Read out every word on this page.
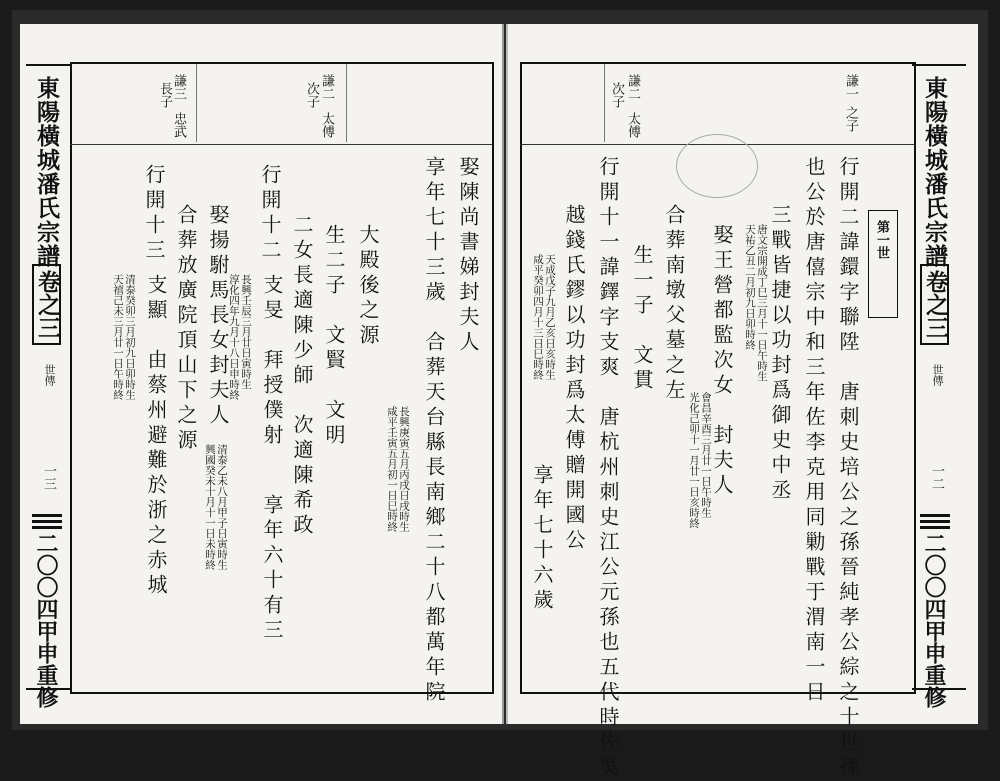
東陽橫城潘氏宗譜
卷之三
世傳
一三
二〇〇四甲申重修
謙三
長子
忠武
謙二
次子
太傅
娶陳尚書娣封夫人
享年七十三歲　合葬天台縣長南鄉二十八都萬年院
長興庚寅五月丙戌日戌時生
咸平壬寅五月初一日巳時終
大殿後之源
生二子　文賢　文明
二女長適陳少師　次適陳希政
行開十二
長興壬辰三月廿日寅時生
淳化四年九月十八日申時終 支旻　拜授僕射
享年六十有三
娶揚駙馬長女封夫人
清泰乙未八月甲子日寅時生
興國癸未十月十一日未時終
合葬放廣院頂山下之源
行開十三
清泰癸卯三月初九日卯時生
天禧己未三月廿一日午時終 支顯　由蔡州避難於浙之赤城
東陽橫城潘氏宗譜
卷之三
世傳
一二
二〇〇四甲申重修
謙一
之子
謙二
次子
太傅
第一世
行開二諱鐶字聯陞　唐刺史培公之孫晉純孝公綜之十世孫
也公於唐僖宗中和三年佐李克用同勦戰于渭南一日
三戰皆捷以功封爲御史中丞
唐文宗開成丁巳三月十一日午時生
天祐乙丑二月初九日卯時終
娶王營都監次女　封夫人
會昌辛酉三月廿一日午時生
光化己卯十一月廿一日亥時終
合葬南墩父墓之左
生一子　文貫
行開十一諱鐸字支爽　唐杭州刺史江公元孫也五代時佐吳
天成戊子九月乙亥日亥時生
咸平癸卯四月十三日巳時終 越錢氏鏐以功封爲太傅贈開國公
享年七十六歲
